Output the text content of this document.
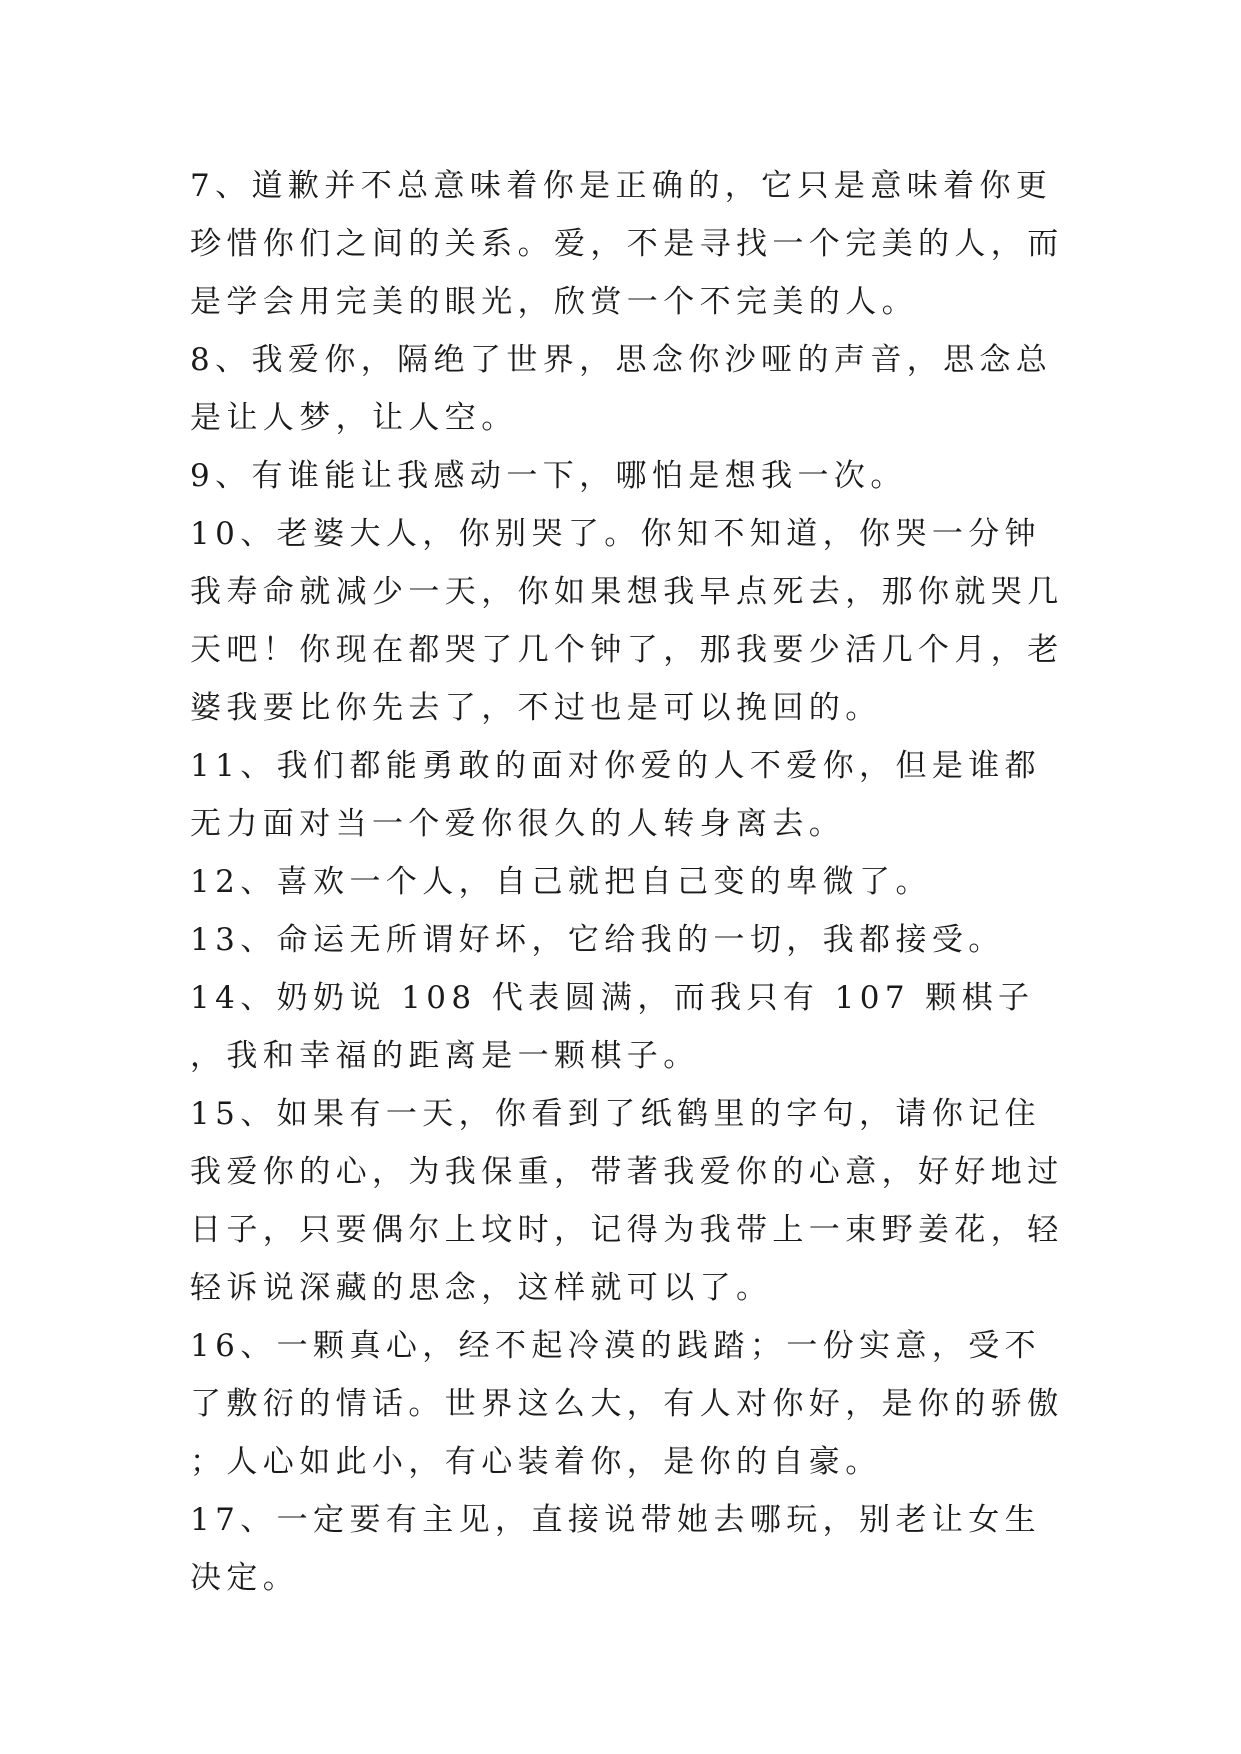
7、道歉并不总意味着你是正确的，它只是意味着你更珍惜你们之间的关系。爱，不是寻找一个完美的人，而是学会用完美的眼光，欣赏一个不完美的人。

8、我爱你，隔绝了世界，思念你沙哑的声音，思念总是让人梦，让人空。

9、有谁能让我感动一下，哪怕是想我一次。

10、老婆大人，你别哭了。你知不知道，你哭一分钟我寿命就减少一天，你如果想我早点死去，那你就哭几天吧！你现在都哭了几个钟了，那我要少活几个月，老婆我要比你先去了，不过也是可以挽回的。

11、我们都能勇敢的面对你爱的人不爱你，但是谁都无力面对当一个爱你很久的人转身离去。

12、喜欢一个人，自己就把自己变的卑微了。

13、命运无所谓好坏，它给我的一切，我都接受。

14、奶奶说 108 代表圆满，而我只有 107 颗棋子，我和幸福的距离是一颗棋子。

15、如果有一天，你看到了纸鹤里的字句，请你记住我爱你的心，为我保重，带著我爱你的心意，好好地过日子，只要偶尔上坟时，记得为我带上一束野姜花，轻轻诉说深藏的思念，这样就可以了。

16、一颗真心，经不起冷漠的践踏；一份实意，受不了敷衍的情话。世界这么大，有人对你好，是你的骄傲；人心如此小，有心装着你，是你的自豪。

17、一定要有主见，直接说带她去哪玩，别老让女生决定。
